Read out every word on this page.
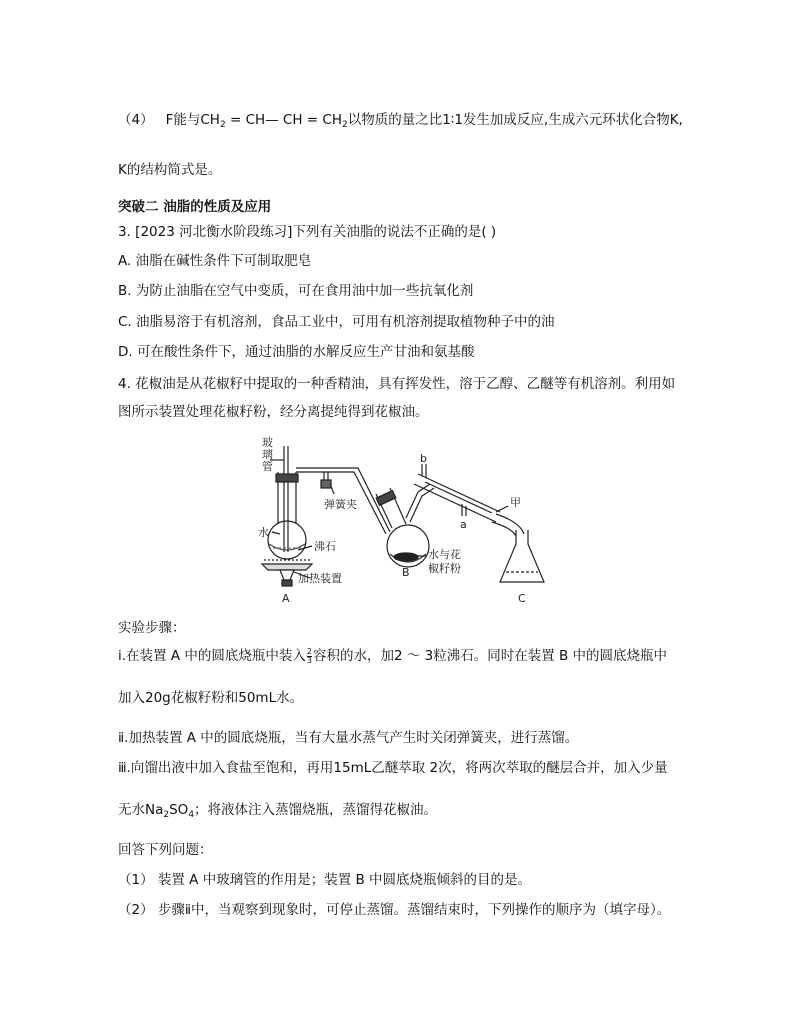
（4） F能与$CH_2$ = CH— CH = $CH_2$以物质的量之比1∶1发生加成反应,生成六元环状化合物K,
K的结构简式是。
突破二 油脂的性质及应用
3. [2023 河北衡水阶段练习]下列有关油脂的说法不正确的是( )
A. 油脂在碱性条件下可制取肥皂
B. 为防止油脂在空气中变质，可在食用油中加一些抗氧化剂
C. 油脂易溶于有机溶剂，食品工业中，可用有机溶剂提取植物种子中的油
D. 可在酸性条件下，通过油脂的水解反应生产甘油和氨基酸
4. 花椒油是从花椒籽中提取的一种香精油，具有挥发性，溶于乙醇、乙醚等有机溶剂。利用如
图所示装置处理花椒籽粉，经分离提纯得到花椒油。
玻
璃
管
弹簧夹
水
沸石
加热装置
水与花
椒籽粉
a
b
甲
A
B
C
实验步骤：
ⅰ.在装置 A 中的圆底烧瓶中装入 $\frac{2}{3}$ 容积的水，加2 ～ 3粒沸石。同时在装置 B 中的圆底烧瓶中
加入20g花椒籽粉和50mL水。
ⅱ.加热装置 A 中的圆底烧瓶，当有大量水蒸气产生时关闭弹簧夹，进行蒸馏。
ⅲ.向馏出液中加入食盐至饱和，再用15mL乙醚萃取 2次，将两次萃取的醚层合并，加入少量
无水$Na_2SO_4$；将液体注入蒸馏烧瓶，蒸馏得花椒油。
回答下列问题：
（1） 装置 A 中玻璃管的作用是；装置 B 中圆底烧瓶倾斜的目的是。
（2） 步骤ⅱ中，当观察到现象时，可停止蒸馏。蒸馏结束时，下列操作的顺序为（填字母）。
